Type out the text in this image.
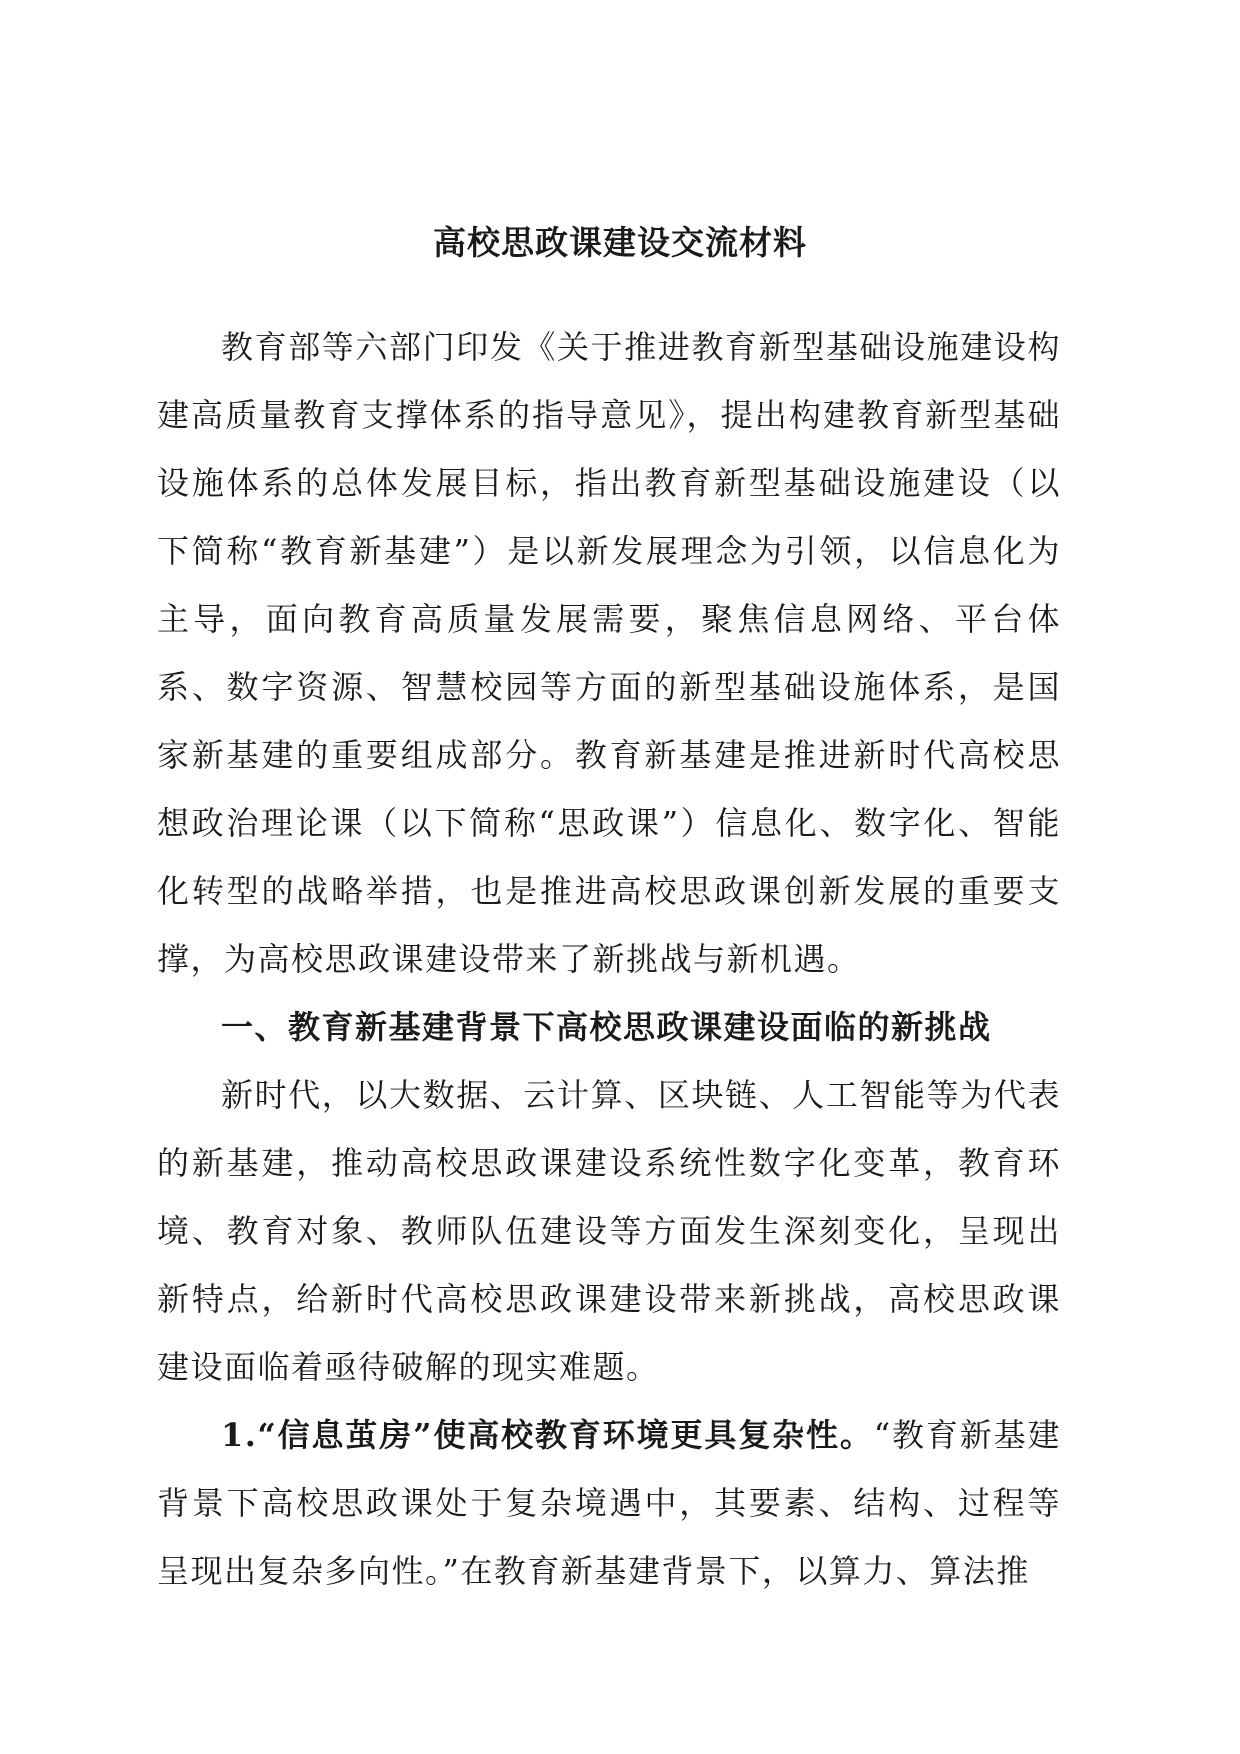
高校思政课建设交流材料

教育部等六部门印发《关于推进教育新型基础设施建设构建高质量教育支撑体系的指导意见》，提出构建教育新型基础设施体系的总体发展目标，指出教育新型基础设施建设（以下简称“教育新基建”）是以新发展理念为引领，以信息化为主导，面向教育高质量发展需要，聚焦信息网络、平台体系、数字资源、智慧校园等方面的新型基础设施体系，是国家新基建的重要组成部分。教育新基建是推进新时代高校思想政治理论课（以下简称“思政课”）信息化、数字化、智能化转型的战略举措，也是推进高校思政课创新发展的重要支撑，为高校思政课建设带来了新挑战与新机遇。

一、教育新基建背景下高校思政课建设面临的新挑战

新时代，以大数据、云计算、区块链、人工智能等为代表的新基建，推动高校思政课建设系统性数字化变革，教育环境、教育对象、教师队伍建设等方面发生深刻变化，呈现出新特点，给新时代高校思政课建设带来新挑战，高校思政课建设面临着亟待破解的现实难题。

1.“信息茧房”使高校教育环境更具复杂性。“教育新基建背景下高校思政课处于复杂境遇中，其要素、结构、过程等呈现出复杂多向性。”在教育新基建背景下，以算力、算法推
